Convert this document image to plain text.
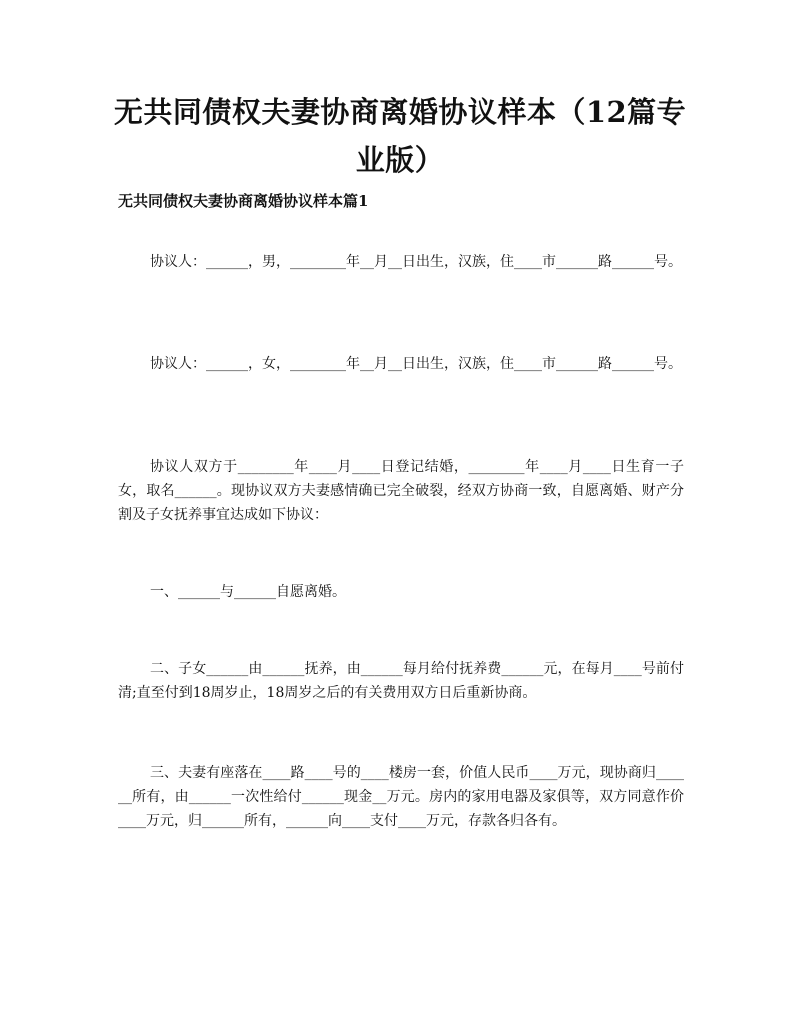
无共同债权夫妻协商离婚协议样本（12篇专业版）
无共同债权夫妻协商离婚协议样本篇1

协议人：______，男，________年__月__日出生，汉族，住____市______路______号。

协议人：______，女，________年__月__日出生，汉族，住____市______路______号。

协议人双方于________年____月____日登记结婚，________年____月____日生育一子女，取名______。现协议双方夫妻感情确已完全破裂，经双方协商一致，自愿离婚、财产分割及子女抚养事宜达成如下协议：

一、______与______自愿离婚。

二、子女______由______抚养，由______每月给付抚养费______元，在每月____号前付清;直至付到18周岁止，18周岁之后的有关费用双方日后重新协商。

三、夫妻有座落在____路____号的____楼房一套，价值人民币____万元，现协商归______所有，由______一次性给付______现金__万元。房内的家用电器及家俱等，双方同意作价____万元，归______所有，______向____支付____万元，存款各归各有。
